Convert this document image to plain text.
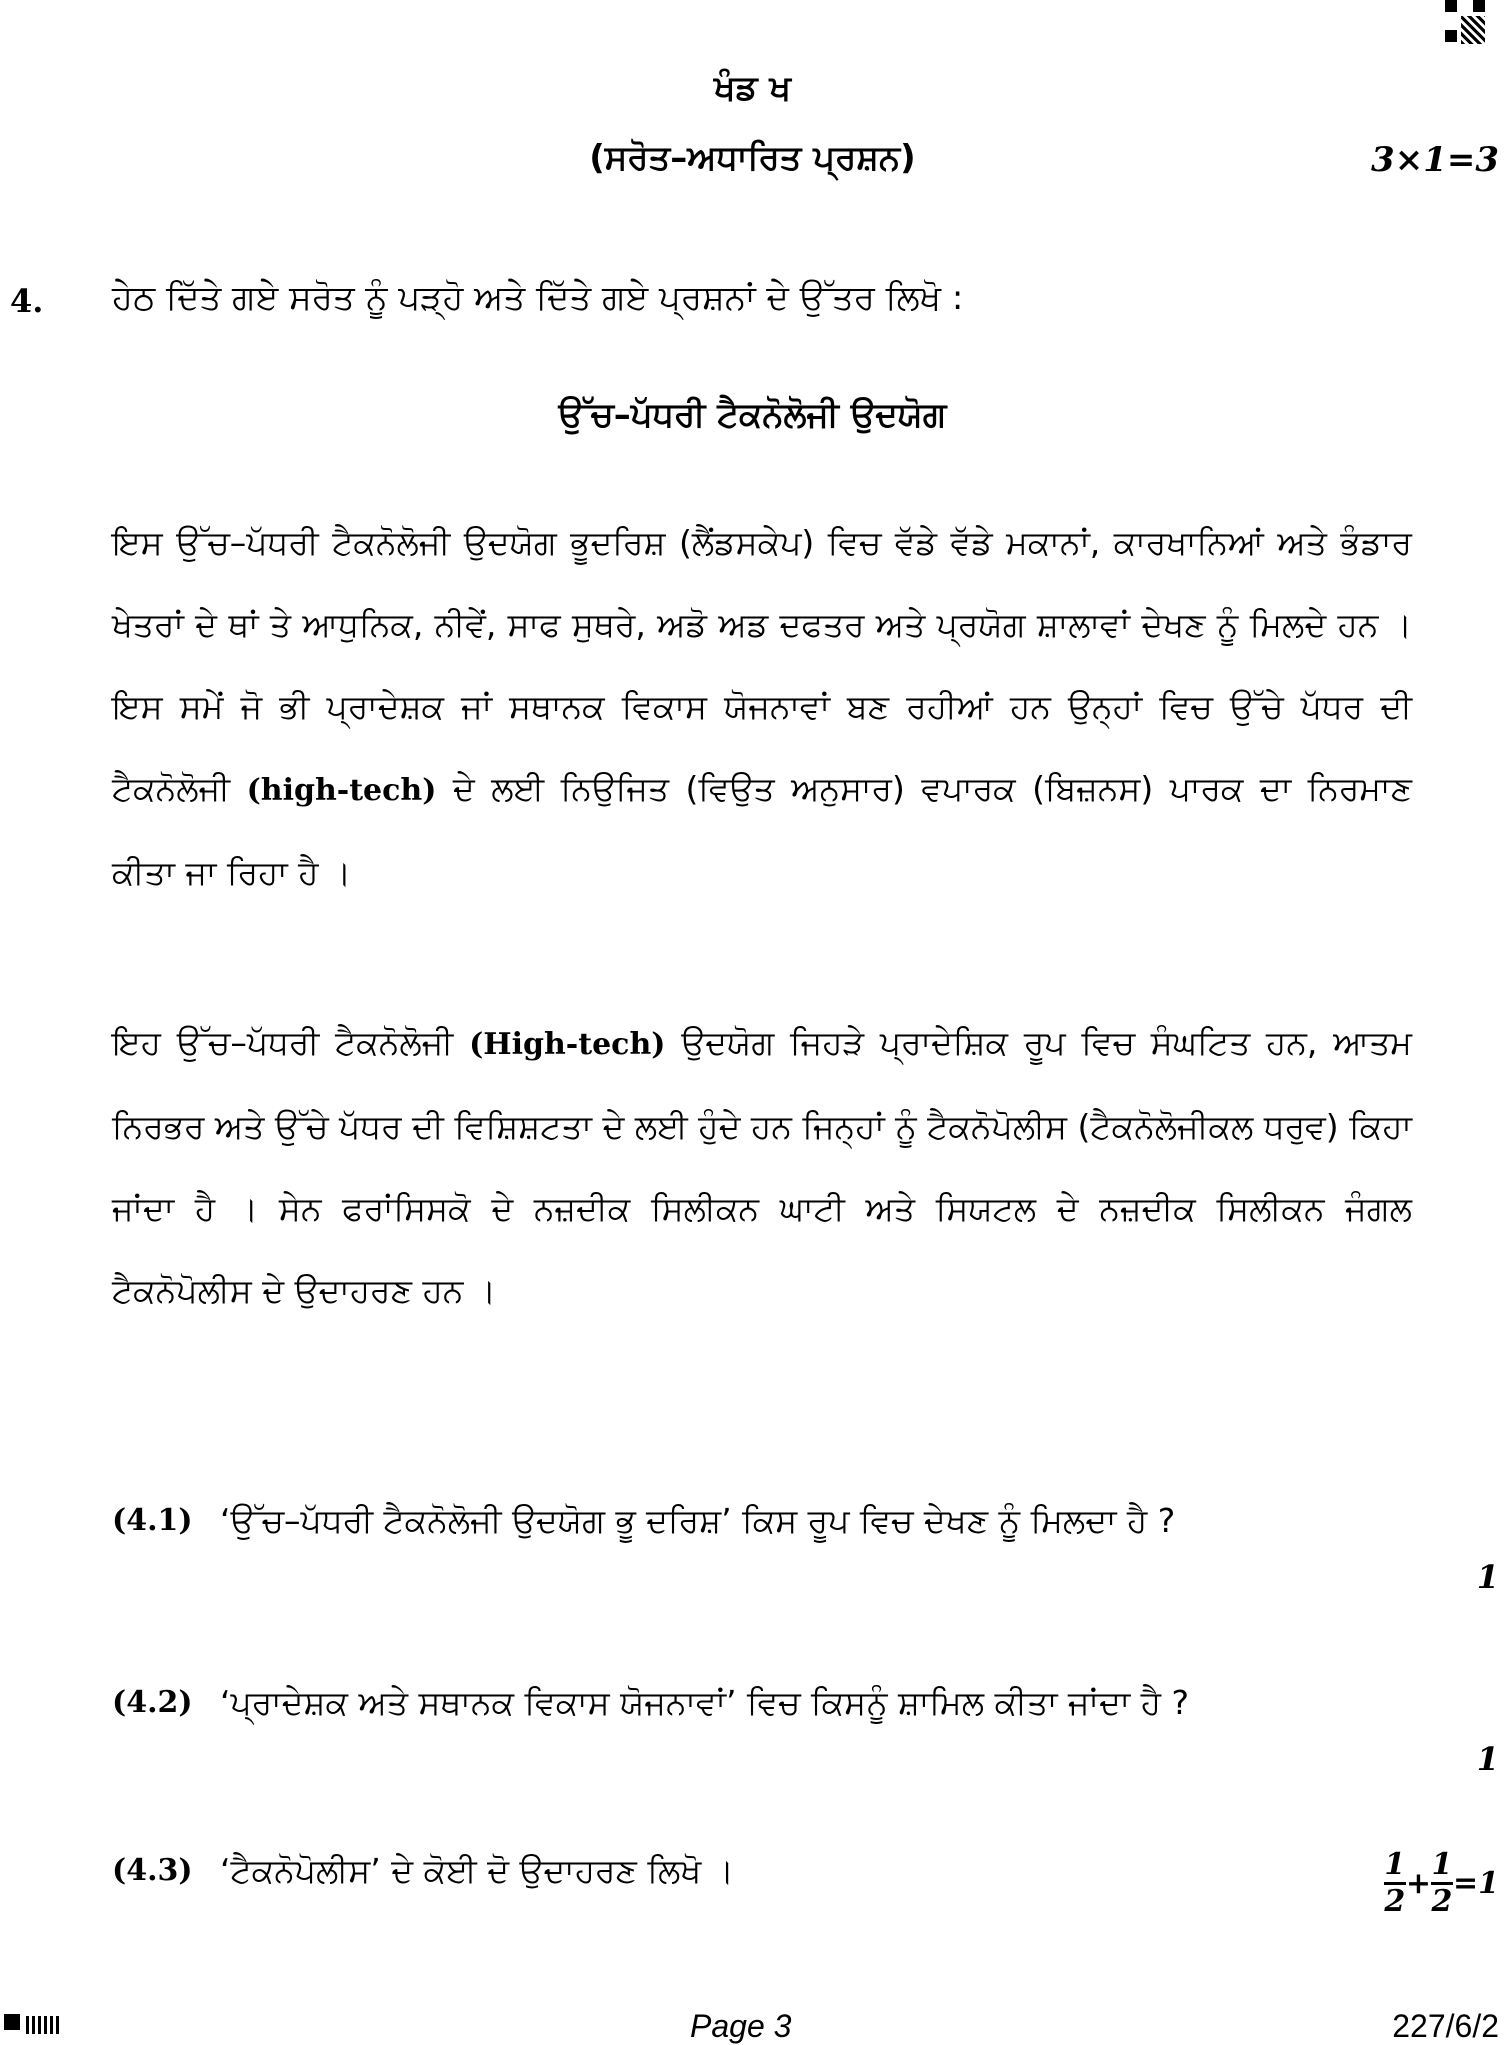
ਖੰਡ ਖ
(ਸਰੋਤ–ਅਧਾਰਿਤ ਪ੍ਰਸ਼ਨ)	3×1=3
4. ਹੇਠ ਦਿੱਤੇ ਗਏ ਸਰੋਤ ਨੂੰ ਪੜ੍ਹੋ ਅਤੇ ਦਿੱਤੇ ਗਏ ਪ੍ਰਸ਼ਨਾਂ ਦੇ ਉੱਤਰ ਲਿਖੋ :
ਉੱਚ–ਪੱਧਰੀ ਟੈਕਨੋਲੋਜੀ ਉਦਯੋਗ
ਇਸ ਉੱਚ–ਪੱਧਰੀ ਟੈਕਨੋਲੋਜੀ ਉਦਯੋਗ ਭੂਦਰਿਸ਼ (ਲੈਂਡਸਕੇਪ) ਵਿਚ ਵੱਡੇ ਵੱਡੇ ਮਕਾਨਾਂ, ਕਾਰਖਾਨਿਆਂ ਅਤੇ ਭੰਡਾਰ ਖੇਤਰਾਂ ਦੇ ਥਾਂ ਤੇ ਆਧੁਨਿਕ, ਨੀਵੇਂ, ਸਾਫ ਸੁਥਰੇ, ਅਡੋ ਅਡ ਦਫਤਰ ਅਤੇ ਪ੍ਰਯੋਗ ਸ਼ਾਲਾਵਾਂ ਦੇਖਣ ਨੂੰ ਮਿਲਦੇ ਹਨ । ਇਸ ਸਮੇਂ ਜੋ ਭੀ ਪ੍ਰਾਦੇਸ਼ਕ ਜਾਂ ਸਥਾਨਕ ਵਿਕਾਸ ਯੋਜਨਾਵਾਂ ਬਣ ਰਹੀਆਂ ਹਨ ਉਨ੍ਹਾਂ ਵਿਚ ਉੱਚੇ ਪੱਧਰ ਦੀ ਟੈਕਨੋਲੋਜੀ (high-tech) ਦੇ ਲਈ ਨਿਉਜਿਤ (ਵਿਉਤ ਅਨੁਸਾਰ) ਵਪਾਰਕ (ਬਿਜ਼ਨਸ) ਪਾਰਕ ਦਾ ਨਿਰਮਾਣ ਕੀਤਾ ਜਾ ਰਿਹਾ ਹੈ ।
ਇਹ ਉੱਚ–ਪੱਧਰੀ ਟੈਕਨੋਲੋਜੀ (High-tech) ਉਦਯੋਗ ਜਿਹੜੇ ਪ੍ਰਾਦੇਸ਼ਿਕ ਰੂਪ ਵਿਚ ਸੰਘਟਿਤ ਹਨ, ਆਤਮ ਨਿਰਭਰ ਅਤੇ ਉੱਚੇ ਪੱਧਰ ਦੀ ਵਿਸ਼ਿਸ਼ਟਤਾ ਦੇ ਲਈ ਹੁੰਦੇ ਹਨ ਜਿਨ੍ਹਾਂ ਨੂੰ ਟੈਕਨੋਪੋਲੀਸ (ਟੈਕਨੋਲੋਜੀਕਲ ਧਰੁਵ) ਕਿਹਾ ਜਾਂਦਾ ਹੈ । ਸੇਨ ਫਰਾਂਸਿਸਕੋ ਦੇ ਨਜ਼ਦੀਕ ਸਿਲੀਕਨ ਘਾਟੀ ਅਤੇ ਸਿਯਟਲ ਦੇ ਨਜ਼ਦੀਕ ਸਿਲੀਕਨ ਜੰਗਲ ਟੈਕਨੋਪੋਲੀਸ ਦੇ ਉਦਾਹਰਣ ਹਨ ।
(4.1) ‘ਉੱਚ–ਪੱਧਰੀ ਟੈਕਨੋਲੋਜੀ ਉਦਯੋਗ ਭੂ ਦਰਿਸ਼’ ਕਿਸ ਰੂਪ ਵਿਚ ਦੇਖਣ ਨੂੰ ਮਿਲਦਾ ਹੈ ?
1
(4.2) ‘ਪ੍ਰਾਦੇਸ਼ਕ ਅਤੇ ਸਥਾਨਕ ਵਿਕਾਸ ਯੋਜਨਾਵਾਂ’ ਵਿਚ ਕਿਸਨੂੰ ਸ਼ਾਮਿਲ ਕੀਤਾ ਜਾਂਦਾ ਹੈ ?
1
(4.3) ‘ਟੈਕਨੋਪੋਲੀਸ’ ਦੇ ਕੋਈ ਦੋ ਉਦਾਹਰਣ ਲਿਖੋ ।	$\frac{1}{2} + \frac{1}{2} =1$
Page 3	227/6/2
